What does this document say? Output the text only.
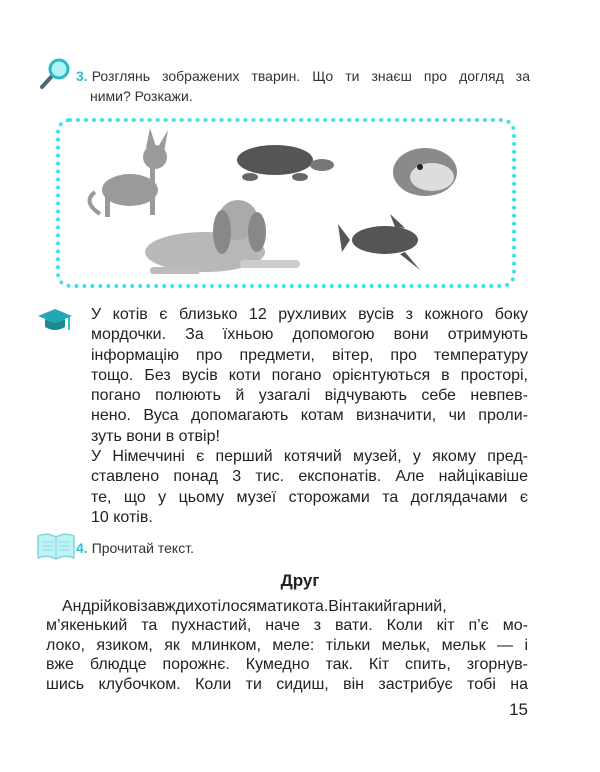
3. Розглянь зображених тварин. Що ти знаєш про догляд за
ними? Розкажи.
У котів є близько 12 рухливих вусів з кожного боку
мордочки. За їхньою допомогою вони отримують
інформацію про предмети, вітер, про температуру
тощо. Без вусів коти погано орієнтуються в просторі,
погано полюють й узагалі відчувають себе невпев-
нено. Вуса допомагають котам визначити, чи проли-
зуть вони в отвір!
У Німеччині є перший котячий музей, у якому пред-
ставлено понад 3 тис. експонатів. Але найцікавіше
те, що у цьому музеї сторожами та доглядачами є
10 котів.
4. Прочитай текст.
Друг
Андрійковізавждихотілосяматикота.Вінтакийгарний,
м’якенький та пухнастий, наче з вати. Коли кіт п’є мо-
локо, язиком, як млинком, меле: тільки мельк, мельк — і
вже блюдце порожнє. Кумедно так. Кіт спить, згорнув-
шись клубочком. Коли ти сидиш, він застрибує тобі на
15
